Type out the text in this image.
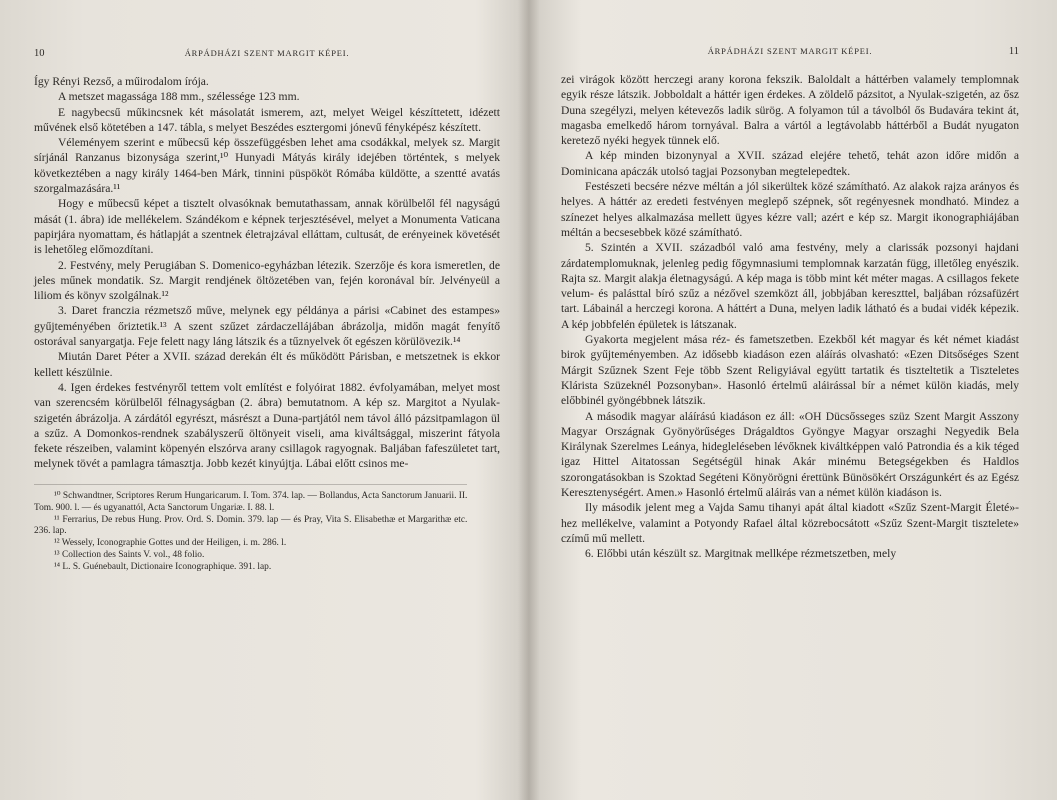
10	ÁRPÁDHÁZI SZENT MARGIT KÉPEI.

Így Rényi Rezső, a műirodalom írója.

A metszet magassága 188 mm., szélessége 123 mm.

E nagybecsű műkincsnek két másolatát ismerem, azt, melyet Weigel készíttetett, idézett művének első kötetében a 147. tábla, s melyet Beszédes esztergomi jónevű fényképész készített.

Véleményem szerint e műbecsű kép összefüggésben lehet ama csodákkal, melyek sz. Margit sírjánál Ranzanus bizonysága szerint,¹⁰ Hunyadi Mátyás király idejében történtek, s melyek következtében a nagy király 1464-ben Márk, tinnini püspököt Rómába küldötte, a szentté avatás szorgalmazására.¹¹

Hogy e műbecsű képet a tisztelt olvasóknak bemutathassam, annak körülbelől fél nagyságú mását (1. ábra) ide mellékelem. Szándékom e képnek terjesztésével, melyet a Monumenta Vaticana papirjára nyomattam, és hátlapját a szentnek életrajzával elláttam, cultusát, de erényeinek követését is lehetőleg előmozdítani.

2. Festvény, mely Perugiában S. Domenico-egyházban létezik. Szerzője és kora ismeretlen, de jeles műnek mondatik. Sz. Margit rendjének öltözetében van, fején koronával bír. Jelvényeül a liliom és könyv szolgálnak.¹²

3. Daret franczia rézmetsző műve, melynek egy példánya a párisi «Cabinet des estampes» gyűjteményében őriztetik.¹³ A szent szűzet zárdaczellájában ábrázolja, midőn magát fenyítő ostorával sanyargatja. Feje felett nagy láng látszik és a tűznyelvek őt egészen körülövezik.¹⁴

Miután Daret Péter a XVII. század derekán élt és működött Párisban, e metszetnek is ekkor kellett készülnie.

4. Igen érdekes festvényről tettem volt említést e folyóirat 1882. évfolyamában, melyet most van szerencsém körülbelől félnagyságban (2. ábra) bemutatnom. A kép sz. Margitot a Nyulak-szigetén ábrázolja. A zárdától egyrészt, másrészt a Duna-partjától nem távol álló pázsitpamlagon ül a szűz. A Domonkos-rendnek szabályszerű öltönyeit viseli, ama kiváltsággal, miszerint fátyola fekete részeiben, valamint köpenyén elszórva arany csillagok ragyognak. Baljában fafeszületet tart, melynek tövét a pamlagra támasztja. Jobb kezét kinyújtja. Lábai előtt csinos me-

¹⁰ Schwandtner, Scriptores Rerum Hungaricarum. I. Tom. 374. lap. — Bollandus, Acta Sanctorum Januarii. II. Tom. 900. l. — és ugyanattól, Acta Sanctorum Ungariæ. I. 88. l.

¹¹ Ferrarius, De rebus Hung. Prov. Ord. S. Domin. 379. lap — és Pray, Vita S. Elisabethæ et Margarithæ etc. 236. lap.

¹² Wessely, Iconographie Gottes und der Heiligen, i. m. 286. l.

¹³ Collection des Saints V. vol., 48 folio.

¹⁴ L. S. Guénebault, Dictionaire Iconographique. 391. lap.

ÁRPÁDHÁZI SZENT MARGIT KÉPEI.	11

zei virágok között herczegi arany korona fekszik. Baloldalt a háttérben valamely templomnak egyik része látszik. Jobboldalt a háttér igen érdekes. A zöldelő pázsitot, a Nyulak-szigetén, az ősz Duna szegélyzi, melyen kétevezős ladik sürög. A folyamon túl a távolból ős Budavára tekint át, magasba emelkedő három tornyával. Balra a vártól a legtávolabb háttérből a Budát nyugaton keretező nyéki hegyek tünnek elő.

A kép minden bizonynyal a XVII. század elejére tehető, tehát azon időre midőn a Dominicana apáczák utolsó tagjai Pozsonyban megtelepedtek.

Festészeti becsére nézve méltán a jól sikerültek közé számítható. Az alakok rajza arányos és helyes. A háttér az eredeti festvényen meglepő szépnek, sőt regényesnek mondható. Mindez a színezet helyes alkalmazása mellett ügyes kézre vall; azért e kép sz. Margit ikonographiájában méltán a becsesebbek közé számítható.

5. Szintén a XVII. századból való ama festvény, mely a clarissák pozsonyi hajdani zárdatemplomuknak, jelenleg pedig főgymnasiumi templomnak karzatán függ, illetőleg enyészik. Rajta sz. Margit alakja életnagyságú. A kép maga is több mint két méter magas. A csillagos fekete velum- és palásttal bíró szűz a nézővel szemközt áll, jobbjában kereszttel, baljában rózsafüzért tart. Lábainál a herczegi korona. A háttért a Duna, melyen ladik látható és a budai vidék képezik. A kép jobbfelén épületek is látszanak.

Gyakorta megjelent mása réz- és fametszetben. Ezekből két magyar és két német kiadást birok gyűjteményemben. Az idősebb kiadáson ezen aláírás olvasható: «Ezen Ditsőséges Szent Márgit Szűznek Szent Feje több Szent Religyiával együtt tartatik és tiszteltetik a Tiszteletes Klárista Szüzeknél Pozsonyban». Hasonló értelmű aláirással bír a német külön kiadás, mely előbbinél gyöngébbnek látszik.

A második magyar aláírású kiadáson ez áll: «OH Dücsősseges szüz Szent Margit Asszony Magyar Országnak Gyönyörűséges Drágaldtos Gyöngye Magyar orszaghi Negyedik Bela Királynak Szerelmes Leánya, hidegleléseben lévőknek kiváltképpen való Patrondia és a kik téged igaz Hittel Aitatossan Segétségül hinak Akár minému Betegségekben és Haldlos szorongatásokban is Szoktad Segéteni Könyörögni érettünk Bünösökért Országunkért és az Egész Keresztenységért. Amen.» Hasonló értelmű aláirás van a német külön kiadáson is.

Ily második jelent meg a Vajda Samu tihanyi apát által kiadott «Szűz Szent-Margit Életé»-hez mellékelve, valamint a Potyondy Rafael által közrebocsátott «Szűz Szent-Margit tisztelete» czímű mű mellett.

6. Előbbi után készült sz. Margitnak mellképe rézmetszetben, mely
